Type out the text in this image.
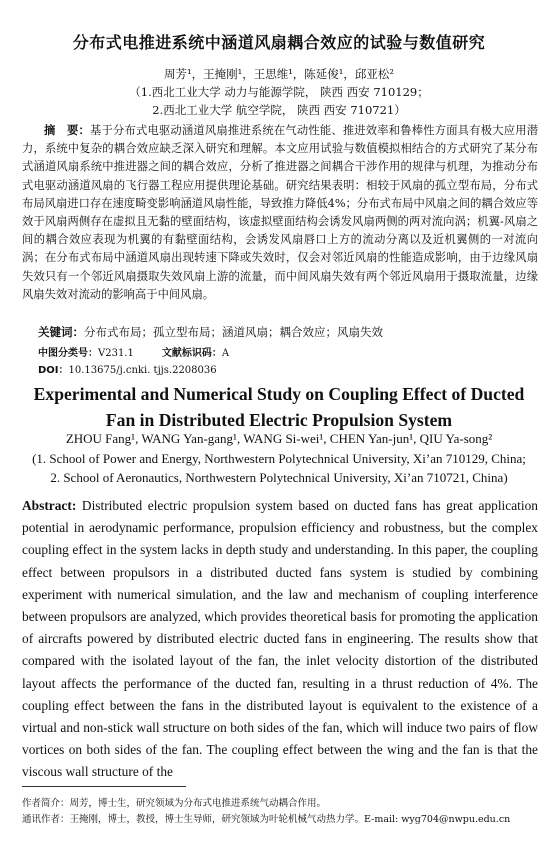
分布式电推进系统中涵道风扇耦合效应的试验与数值研究
周芳¹，王掩刚¹，王思维¹，陈延俊¹，邱亚松²
（1.西北工业大学 动力与能源学院， 陕西 西安 710129；
2.西北工业大学 航空学院， 陕西 西安 710721）
摘　要：基于分布式电驱动涵道风扇推进系统在气动性能、推进效率和鲁棒性方面具有极大应用潜力，系统中复杂的耦合效应缺乏深入研究和理解。本文应用试验与数值模拟相结合的方式研究了某分布式涵道风扇系统中推进器之间的耦合效应，分析了推进器之间耦合干涉作用的规律与机理，为推动分布式电驱动涵道风扇的飞行器工程应用提供理论基础。研究结果表明：相较于风扇的孤立型布局，分布式布局风扇进口存在速度畸变影响涵道风扇性能，导致推力降低4%；分布式布局中风扇之间的耦合效应等效于风扇两侧存在虚拟且无黏的壁面结构，该虚拟壁面结构会诱发风扇两侧的两对流向涡；机翼-风扇之间的耦合效应表现为机翼的有黏壁面结构，会诱发风扇唇口上方的流动分离以及近机翼侧的一对流向涡；在分布式布局中涵道风扇出现转速下降或失效时，仅会对邻近风扇的性能造成影响，由于边缘风扇失效只有一个邻近风扇摄取失效风扇上游的流量，而中间风扇失效有两个邻近风扇用于摄取流量，边缘风扇失效对流动的影响高于中间风扇。
关键词：分布式布局；孤立型布局；涵道风扇；耦合效应；风扇失效
中图分类号：V231.1	文献标识码：A
DOI：10.13675/j.cnki. tjjs.2208036
Experimental and Numerical Study on Coupling Effect of Ducted
Fan in Distributed Electric Propulsion System
ZHOU Fang¹, WANG Yan-gang¹, WANG Si-wei¹, CHEN Yan-jun¹, QIU Ya-song²
(1. School of Power and Energy, Northwestern Polytechnical University, Xi’an 710129, China;
2. School of Aeronautics, Northwestern Polytechnical University, Xi’an 710721, China)
Abstract: Distributed electric propulsion system based on ducted fans has great application potential in aerodynamic performance, propulsion efficiency and robustness, but the complex coupling effect in the system lacks in depth study and understanding. In this paper, the coupling effect between propulsors in a distributed ducted fans system is studied by combining experiment with numerical simulation, and the law and mechanism of coupling interference between propulsors are analyzed, which provides theoretical basis for promoting the application of aircrafts powered by distributed electric ducted fans in engineering. The results show that compared with the isolated layout of the fan, the inlet velocity distortion of the distributed layout affects the performance of the ducted fan, resulting in a thrust reduction of 4%. The coupling effect between the fans in the distributed layout is equivalent to the existence of a virtual and non-stick wall structure on both sides of the fan, which will induce two pairs of flow vortices on both sides of the fan. The coupling effect between the wing and the fan is that the viscous wall structure of the
作者简介：周芳，博士生，研究领域为分布式电推进系统气动耦合作用。
通讯作者：王掩刚，博士，教授，博士生导师，研究领域为叶轮机械气动热力学。E-mail: wyg704@nwpu.edu.cn
